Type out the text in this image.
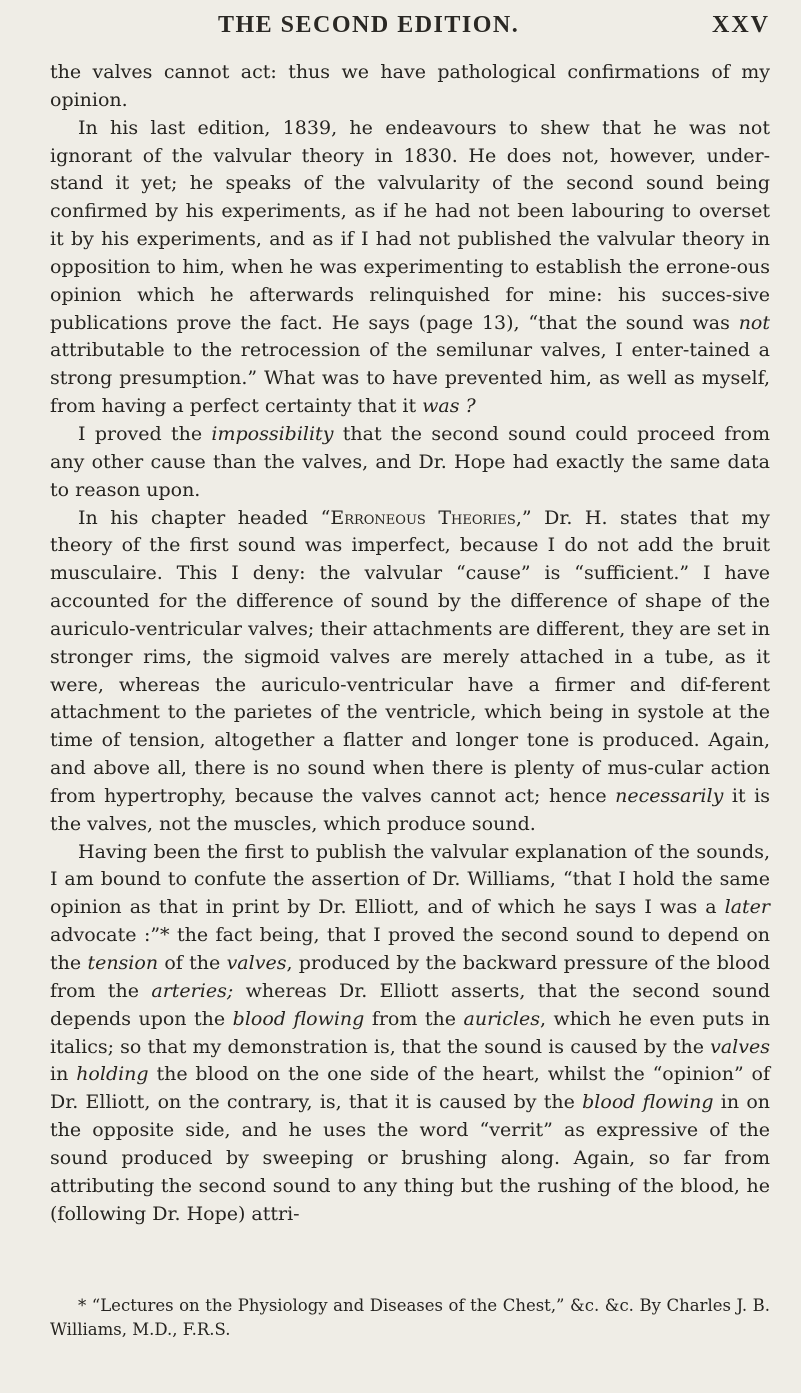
THE SECOND EDITION.	XXV

the valves cannot act: thus we have pathological confirmations of my opinion.

In his last edition, 1839, he endeavours to shew that he was not ignorant of the valvular theory in 1830. He does not, however, under-stand it yet; he speaks of the valvularity of the second sound being confirmed by his experiments, as if he had not been labouring to overset it by his experiments, and as if I had not published the valvular theory in opposition to him, when he was experimenting to establish the errone-ous opinion which he afterwards relinquished for mine: his succes-sive publications prove the fact. He says (page 13), “that the sound was not attributable to the retrocession of the semilunar valves, I enter-tained a strong presumption.” What was to have prevented him, as well as myself, from having a perfect certainty that it was ?

I proved the impossibility that the second sound could proceed from any other cause than the valves, and Dr. Hope had exactly the same data to reason upon.

In his chapter headed “Erroneous Theories,” Dr. H. states that my theory of the first sound was imperfect, because I do not add the bruit musculaire. This I deny: the valvular “cause” is “sufficient.” I have accounted for the difference of sound by the difference of shape of the auriculo-ventricular valves; their attachments are different, they are set in stronger rims, the sigmoid valves are merely attached in a tube, as it were, whereas the auriculo-ventricular have a firmer and dif-ferent attachment to the parietes of the ventricle, which being in systole at the time of tension, altogether a flatter and longer tone is produced. Again, and above all, there is no sound when there is plenty of mus-cular action from hypertrophy, because the valves cannot act; hence necessarily it is the valves, not the muscles, which produce sound.

Having been the first to publish the valvular explanation of the sounds, I am bound to confute the assertion of Dr. Williams, “that I hold the same opinion as that in print by Dr. Elliott, and of which he says I was a later advocate :”* the fact being, that I proved the second sound to depend on the tension of the valves, produced by the backward pressure of the blood from the arteries; whereas Dr. Elliott asserts, that the second sound depends upon the blood flowing from the auricles, which he even puts in italics; so that my demonstration is, that the sound is caused by the valves in holding the blood on the one side of the heart, whilst the “opinion” of Dr. Elliott, on the contrary, is, that it is caused by the blood flowing in on the opposite side, and he uses the word “verrit” as expressive of the sound produced by sweeping or brushing along. Again, so far from attributing the second sound to any thing but the rushing of the blood, he (following Dr. Hope) attri-

* “Lectures on the Physiology and Diseases of the Chest,” &c. &c. By Charles J. B. Williams, M.D., F.R.S.
